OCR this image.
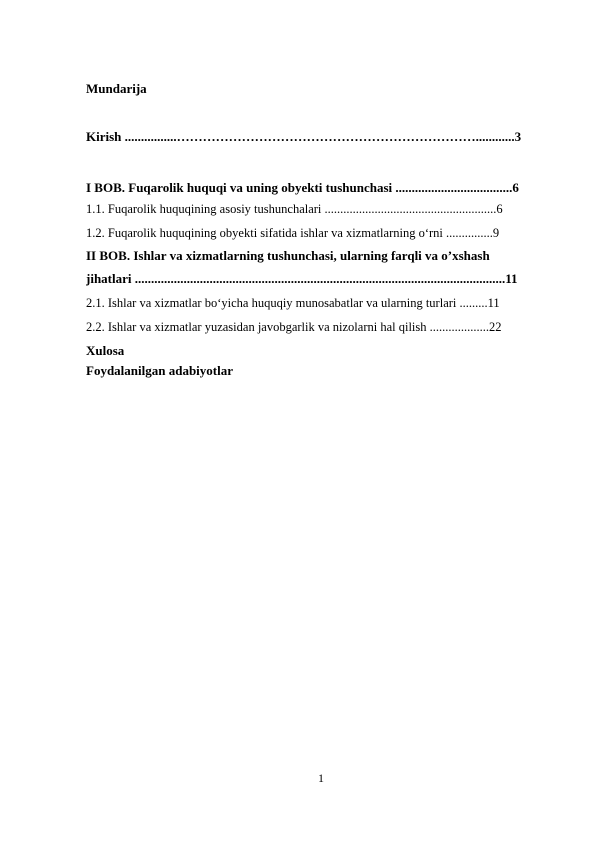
Mundarija
Kirish ................……………………………………………………………............3
I BOB. Fuqarolik huquqi va uning obyekti tushunchasi ....................................6
1.1. Fuqarolik huquqining asosiy tushunchalari .......................................................6
1.2. Fuqarolik huquqining obyekti sifatida ishlar va xizmatlarning o‘rni ...............9
II BOB. Ishlar va xizmatlarning tushunchasi, ularning farqli va o’xshash
jihatlari ..................................................................................................................11
2.1. Ishlar va xizmatlar bo‘yicha huquqiy munosabatlar va ularning turlari .........11
2.2. Ishlar va xizmatlar yuzasidan javobgarlik va nizolarni hal qilish ...................22
Xulosa
Foydalanilgan adabiyotlar
1
